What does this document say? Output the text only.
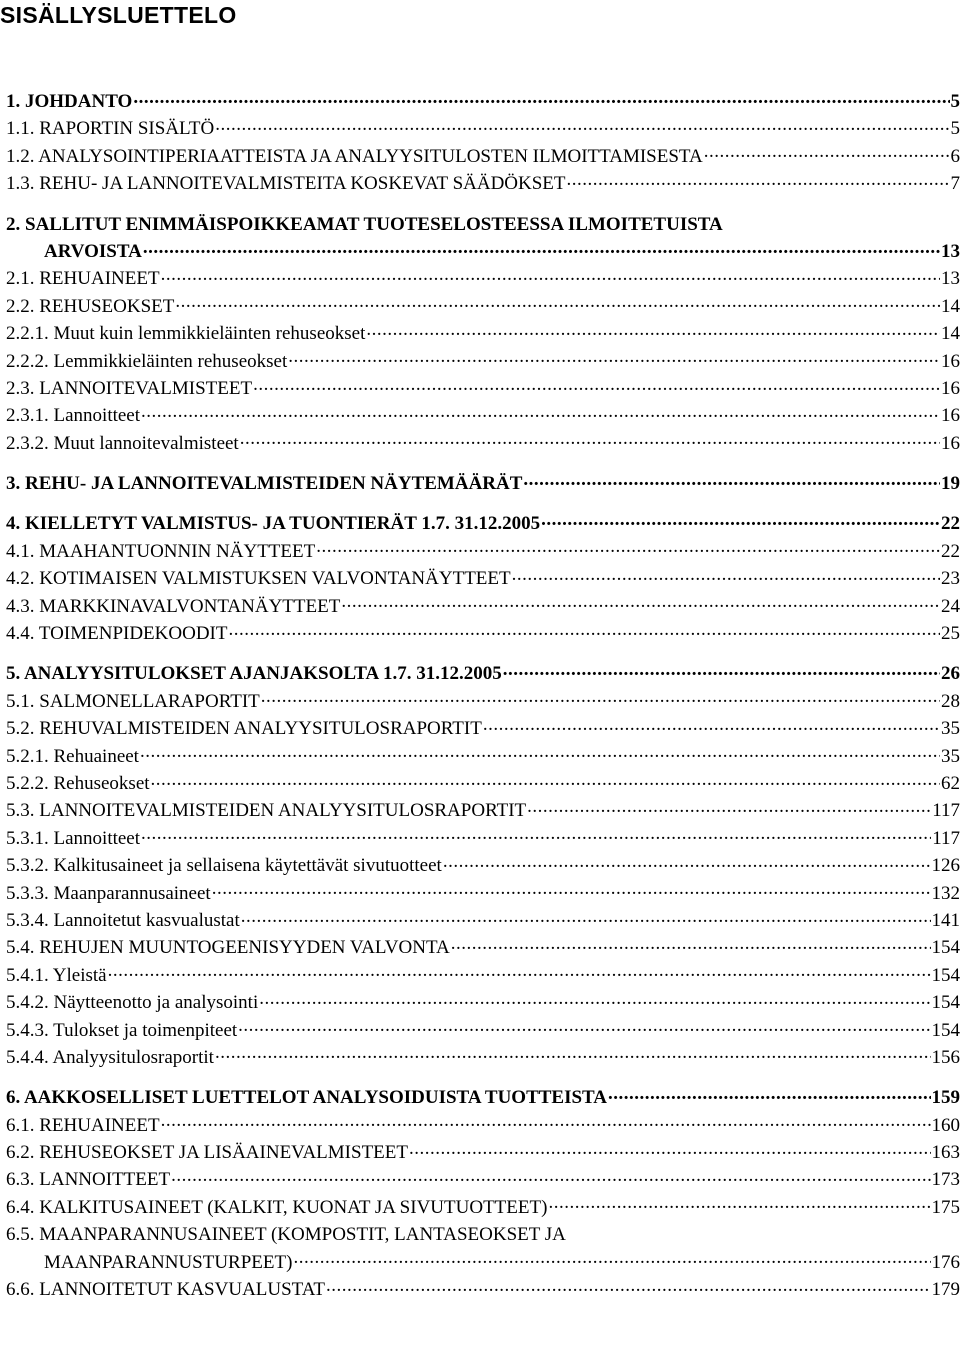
SISÄLLYSLUETTELO
1. JOHDANTO .....	5
1.1. RAPORTIN SISÄLTÖ .....	5
1.2. ANALYSOINTIPERIAATTEISTA JA ANALYYSITULOSTEN ILMOITTAMISESTA .....	6
1.3. REHU- JA LANNOITEVALMISTEITA KOSKEVAT SÄÄDÖKSET .....	7
2. SALLITUT ENIMMÄISPOIKKEAMAT TUOTESELOSTEESSA ILMOITETUISTA
ARVOISTA .....	13
2.1. REHUAINEET .....	13
2.2. REHUSEOKSET .....	14
2.2.1. Muut kuin lemmikkieläinten rehuseokset .....	14
2.2.2. Lemmikkieläinten rehuseokset .....	16
2.3. LANNOITEVALMISTEET .....	16
2.3.1. Lannoitteet .....	16
2.3.2. Muut lannoitevalmisteet .....	16
3. REHU- JA LANNOITEVALMISTEIDEN NÄYTEMÄÄRÄT .....	19
4. KIELLETYT VALMISTUS- JA TUONTIERÄT 1.7. 31.12.2005 .....	22
4.1. MAAHANTUONNIN NÄYTTEET .....	22
4.2. KOTIMAISEN VALMISTUKSEN VALVONTANÄYTTEET .....	23
4.3. MARKKINAVALVONTANÄYTTEET .....	24
4.4. TOIMENPIDEKOODIT .....	25
5. ANALYYSITULOKSET AJANJAKSOLTA 1.7. 31.12.2005 .....	26
5.1. SALMONELLARAPORTIT .....	28
5.2. REHUVALMISTEIDEN ANALYYSITULOSRAPORTIT .....	35
5.2.1. Rehuaineet .....	35
5.2.2. Rehuseokset .....	62
5.3. LANNOITEVALMISTEIDEN ANALYYSITULOSRAPORTIT .....	117
5.3.1. Lannoitteet .....	117
5.3.2. Kalkitusaineet ja sellaisena käytettävät sivutuotteet .....	126
5.3.3. Maanparannusaineet .....	132
5.3.4. Lannoitetut kasvualustat .....	141
5.4. REHUJEN MUUNTOGEENISYYDEN VALVONTA .....	154
5.4.1. Yleistä .....	154
5.4.2. Näytteenotto ja analysointi .....	154
5.4.3. Tulokset ja toimenpiteet .....	154
5.4.4. Analyysitulosraportit .....	156
6. AAKKOSELLISET LUETTELOT ANALYSOIDUISTA TUOTTEISTA .....	159
6.1. REHUAINEET .....	160
6.2. REHUSEOKSET JA LISÄAINEVALMISTEET .....	163
6.3. LANNOITTEET .....	173
6.4. KALKITUSAINEET (KALKIT, KUONAT JA SIVUTUOTTEET) .....	175
6.5. MAANPARANNUSAINEET (KOMPOSTIT, LANTASEOKSET JA
MAANPARANNUSTURPEET) .....	176
6.6. LANNOITETUT KASVUALUSTAT .....	179
